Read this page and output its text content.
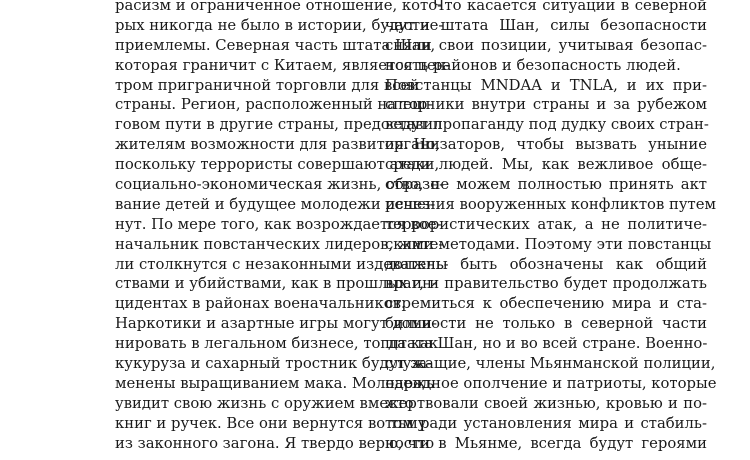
расизм и ограниченное отношение, кото-
рых никогда не было в истории, будут не-
приемлемы. Северная часть штата Шан,
которая граничит с Китаем, является цен-
тром приграничной торговли для всей
страны. Регион, расположенный на тор-
говом пути в другие страны, предоставил
жителям возможности для развития. Но,
поскольку террористы совершают атаки,
социально-экономическая жизнь, образо-
вание детей и будущее молодежи исчез-
нут. По мере того, как возрождается вое-
начальник повстанческих лидеров, жите-
ли столкнутся с незаконными издеватель-
ствами и убийствами, как в прошлых ин-
цидентах в районах военачальников.
Наркотики и азартные игры могут доми-
нировать в легальном бизнесе, тогда как
кукуруза и сахарный тростник будут за-
менены выращиванием мака. Молодежь
увидит свою жизнь с оружием вместо
книг и ручек. Все они вернутся во тьму
из законного загона. Я твердо верю, что
Что касается ситуации в северной
части штата Шан, силы безопасности
сняли свои позиции, учитывая безопас-
ность районов и безопасность людей.
Повстанцы MNDAA и TNLA, и их при-
спешники внутри страны и за рубежом
ведут пропаганду под дудку своих стран-
организаторов, чтобы вызвать уныние
среди людей. Мы, как вежливое обще-
ство, не можем полностью принять акт
решения вооруженных конфликтов путем
террористических атак, а не политиче-
скими методами. Поэтому эти повстанцы
должны быть обозначены как общий
враг, и правительство будет продолжать
стремиться к обеспечению мира и ста-
бильности не только в северной части
штата Шан, но и во всей стране. Военно-
служащие, члены Мьянманской полиции,
народное ополчение и патриоты, которые
жертвовали своей жизнью, кровью и по-
том ради установления мира и стабиль-
ности в Мьянме, всегда будут героями
